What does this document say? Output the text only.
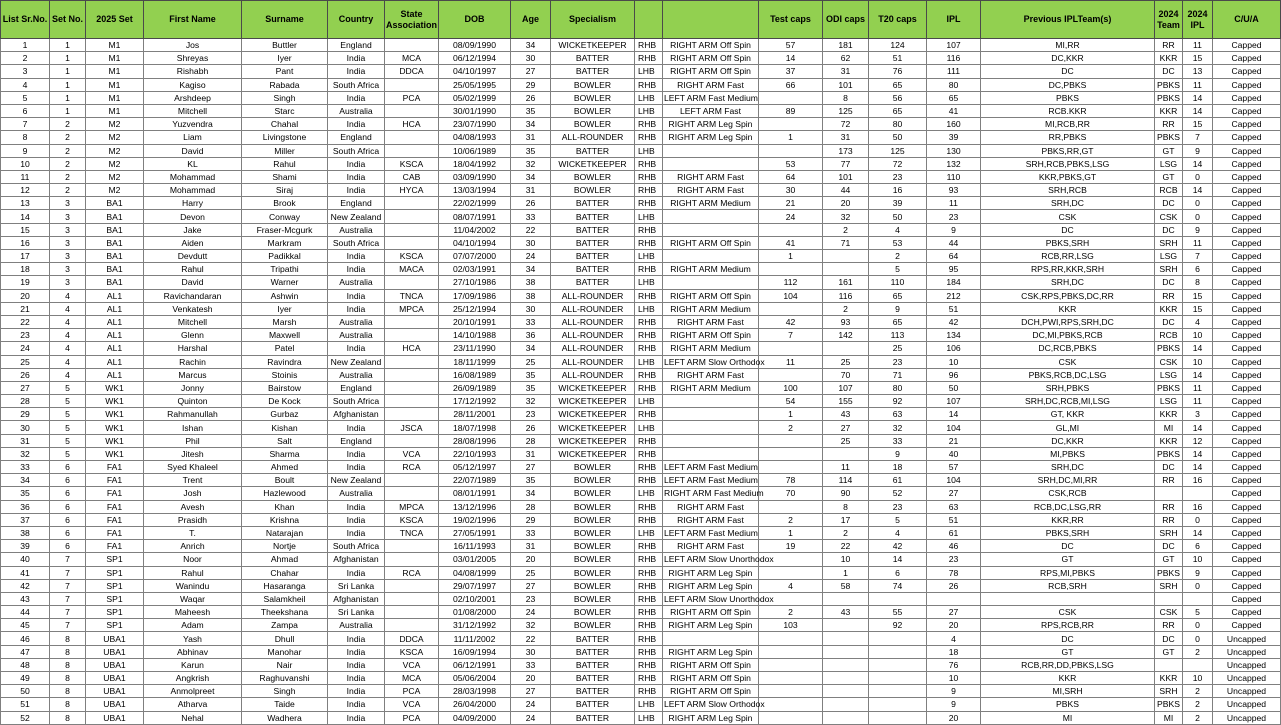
List Sr.No.	Set No.	2025 Set	First Name	Surname	Country	State Association	DOB	Age	Specialism			Test caps	ODI caps	T20 caps	IPL	Previous IPLTeam(s)	2024 Team	2024 IPL	C/U/A
1	1	M1	Jos	Buttler	England		08/09/1990	34	WICKETKEEPER	RHB	RIGHT ARM Off Spin	57	181	124	107	MI,RR	RR	11	Capped
2	1	M1	Shreyas	Iyer	India	MCA	06/12/1994	30	BATTER	RHB	RIGHT ARM Off Spin	14	62	51	116	DC,KKR	KKR	15	Capped
3	1	M1	Rishabh	Pant	India	DDCA	04/10/1997	27	BATTER	LHB	RIGHT ARM Off Spin	37	31	76	111	DC	DC	13	Capped
4	1	M1	Kagiso	Rabada	South Africa		25/05/1995	29	BOWLER	RHB	RIGHT ARM Fast	66	101	65	80	DC,PBKS	PBKS	11	Capped
5	1	M1	Arshdeep	Singh	India	PCA	05/02/1999	26	BOWLER	LHB	LEFT ARM Fast Medium		8	56	65	PBKS	PBKS	14	Capped
6	1	M1	Mitchell	Starc	Australia		30/01/1990	35	BOWLER	LHB	LEFT ARM Fast	89	125	65	41	RCB.KKR	KKR	14	Capped
7	2	M2	Yuzvendra	Chahal	India	HCA	23/07/1990	34	BOWLER	RHB	RIGHT ARM Leg Spin		72	80	160	MI,RCB,RR	RR	15	Capped
8	2	M2	Liam	Livingstone	England		04/08/1993	31	ALL-ROUNDER	RHB	RIGHT ARM Leg Spin	1	31	50	39	RR,PBKS	PBKS	7	Capped
9	2	M2	David	Miller	South Africa		10/06/1989	35	BATTER	LHB			173	125	130	PBKS,RR,GT	GT	9	Capped
10	2	M2	KL	Rahul	India	KSCA	18/04/1992	32	WICKETKEEPER	RHB		53	77	72	132	SRH,RCB,PBKS,LSG	LSG	14	Capped
11	2	M2	Mohammad	Shami	India	CAB	03/09/1990	34	BOWLER	RHB	RIGHT ARM Fast	64	101	23	110	KKR,PBKS,GT	GT	0	Capped
12	2	M2	Mohammad	Siraj	India	HYCA	13/03/1994	31	BOWLER	RHB	RIGHT ARM Fast	30	44	16	93	SRH,RCB	RCB	14	Capped
13	3	BA1	Harry	Brook	England		22/02/1999	26	BATTER	RHB	RIGHT ARM Medium	21	20	39	11	SRH,DC	DC	0	Capped
14	3	BA1	Devon	Conway	New Zealand		08/07/1991	33	BATTER	LHB		24	32	50	23	CSK	CSK	0	Capped
15	3	BA1	Jake	Fraser-Mcgurk	Australia		11/04/2002	22	BATTER	RHB			2	4	9	DC	DC	9	Capped
16	3	BA1	Aiden	Markram	South Africa		04/10/1994	30	BATTER	RHB	RIGHT ARM Off Spin	41	71	53	44	PBKS,SRH	SRH	11	Capped
17	3	BA1	Devdutt	Padikkal	India	KSCA	07/07/2000	24	BATTER	LHB		1		2	64	RCB,RR,LSG	LSG	7	Capped
18	3	BA1	Rahul	Tripathi	India	MACA	02/03/1991	34	BATTER	RHB	RIGHT ARM Medium			5	95	RPS,RR,KKR,SRH	SRH	6	Capped
19	3	BA1	David	Warner	Australia		27/10/1986	38	BATTER	LHB		112	161	110	184	SRH,DC	DC	8	Capped
20	4	AL1	Ravichandaran	Ashwin	India	TNCA	17/09/1986	38	ALL-ROUNDER	RHB	RIGHT ARM Off Spin	104	116	65	212	CSK,RPS,PBKS,DC,RR	RR	15	Capped
21	4	AL1	Venkatesh	Iyer	India	MPCA	25/12/1994	30	ALL-ROUNDER	LHB	RIGHT ARM Medium		2	9	51	KKR	KKR	15	Capped
22	4	AL1	Mitchell	Marsh	Australia		20/10/1991	33	ALL-ROUNDER	RHB	RIGHT ARM Fast	42	93	65	42	DCH,PWI,RPS,SRH,DC	DC	4	Capped
23	4	AL1	Glenn	Maxwell	Australia		14/10/1988	36	ALL-ROUNDER	RHB	RIGHT ARM Off Spin	7	142	113	134	DC,MI,PBKS,RCB	RCB	10	Capped
24	4	AL1	Harshal	Patel	India	HCA	23/11/1990	34	ALL-ROUNDER	RHB	RIGHT ARM Medium			25	106	DC,RCB,PBKS	PBKS	14	Capped
25	4	AL1	Rachin	Ravindra	New Zealand		18/11/1999	25	ALL-ROUNDER	LHB	LEFT ARM Slow Orthodox	11	25	23	10	CSK	CSK	10	Capped
26	4	AL1	Marcus	Stoinis	Australia		16/08/1989	35	ALL-ROUNDER	RHB	RIGHT ARM Fast		70	71	96	PBKS,RCB,DC,LSG	LSG	14	Capped
27	5	WK1	Jonny	Bairstow	England		26/09/1989	35	WICKETKEEPER	RHB	RIGHT ARM Medium	100	107	80	50	SRH,PBKS	PBKS	11	Capped
28	5	WK1	Quinton	De Kock	South Africa		17/12/1992	32	WICKETKEEPER	LHB		54	155	92	107	SRH,DC,RCB,MI,LSG	LSG	11	Capped
29	5	WK1	Rahmanullah	Gurbaz	Afghanistan		28/11/2001	23	WICKETKEEPER	RHB		1	43	63	14	GT, KKR	KKR	3	Capped
30	5	WK1	Ishan	Kishan	India	JSCA	18/07/1998	26	WICKETKEEPER	LHB		2	27	32	104	GL,MI	MI	14	Capped
31	5	WK1	Phil	Salt	England		28/08/1996	28	WICKETKEEPER	RHB			25	33	21	DC,KKR	KKR	12	Capped
32	5	WK1	Jitesh	Sharma	India	VCA	22/10/1993	31	WICKETKEEPER	RHB				9	40	MI,PBKS	PBKS	14	Capped
33	6	FA1	Syed Khaleel	Ahmed	India	RCA	05/12/1997	27	BOWLER	RHB	LEFT ARM Fast Medium		11	18	57	SRH,DC	DC	14	Capped
34	6	FA1	Trent	Boult	New Zealand		22/07/1989	35	BOWLER	RHB	LEFT ARM Fast Medium	78	114	61	104	SRH,DC,MI,RR	RR	16	Capped
35	6	FA1	Josh	Hazlewood	Australia		08/01/1991	34	BOWLER	LHB	RIGHT ARM Fast Medium	70	90	52	27	CSK,RCB			Capped
36	6	FA1	Avesh	Khan	India	MPCA	13/12/1996	28	BOWLER	RHB	RIGHT ARM Fast		8	23	63	RCB,DC,LSG,RR	RR	16	Capped
37	6	FA1	Prasidh	Krishna	India	KSCA	19/02/1996	29	BOWLER	RHB	RIGHT ARM Fast	2	17	5	51	KKR,RR	RR	0	Capped
38	6	FA1	T.	Natarajan	India	TNCA	27/05/1991	33	BOWLER	LHB	LEFT ARM Fast Medium	1	2	4	61	PBKS,SRH	SRH	14	Capped
39	6	FA1	Anrich	Nortje	South Africa		16/11/1993	31	BOWLER	RHB	RIGHT ARM Fast	19	22	42	46	DC	DC	6	Capped
40	7	SP1	Noor	Ahmad	Afghanistan		03/01/2005	20	BOWLER	RHB	LEFT ARM Slow Unorthodox		10	14	23	GT	GT	10	Capped
41	7	SP1	Rahul	Chahar	India	RCA	04/08/1999	25	BOWLER	RHB	RIGHT ARM Leg Spin		1	6	78	RPS,MI,PBKS	PBKS	9	Capped
42	7	SP1	Wanindu	Hasaranga	Sri Lanka		29/07/1997	27	BOWLER	RHB	RIGHT ARM Leg Spin	4	58	74	26	RCB,SRH	SRH	0	Capped
43	7	SP1	Waqar	Salamkheil	Afghanistan		02/10/2001	23	BOWLER	RHB	LEFT ARM Slow Unorthodox								Capped
44	7	SP1	Maheesh	Theekshana	Sri Lanka		01/08/2000	24	BOWLER	RHB	RIGHT ARM Off Spin	2	43	55	27	CSK	CSK	5	Capped
45	7	SP1	Adam	Zampa	Australia		31/12/1992	32	BOWLER	RHB	RIGHT ARM Leg Spin	103		92	20	RPS,RCB,RR	RR	0	Capped
46	8	UBA1	Yash	Dhull	India	DDCA	11/11/2002	22	BATTER	RHB					4	DC	DC	0	Uncapped
47	8	UBA1	Abhinav	Manohar	India	KSCA	16/09/1994	30	BATTER	RHB	RIGHT ARM Leg Spin				18	GT	GT	2	Uncapped
48	8	UBA1	Karun	Nair	India	VCA	06/12/1991	33	BATTER	RHB	RIGHT ARM Off Spin				76	RCB,RR,DD,PBKS,LSG			Uncapped
49	8	UBA1	Angkrish	Raghuvanshi	India	MCA	05/06/2004	20	BATTER	RHB	RIGHT ARM Off Spin				10	KKR	KKR	10	Uncapped
50	8	UBA1	Anmolpreet	Singh	India	PCA	28/03/1998	27	BATTER	RHB	RIGHT ARM Off Spin				9	MI,SRH	SRH	2	Uncapped
51	8	UBA1	Atharva	Taide	India	VCA	26/04/2000	24	BATTER	LHB	LEFT ARM Slow Orthodox				9	PBKS	PBKS	2	Uncapped
52	8	UBA1	Nehal	Wadhera	India	PCA	04/09/2000	24	BATTER	LHB	RIGHT ARM Leg Spin				20	MI	MI	2	Uncapped
